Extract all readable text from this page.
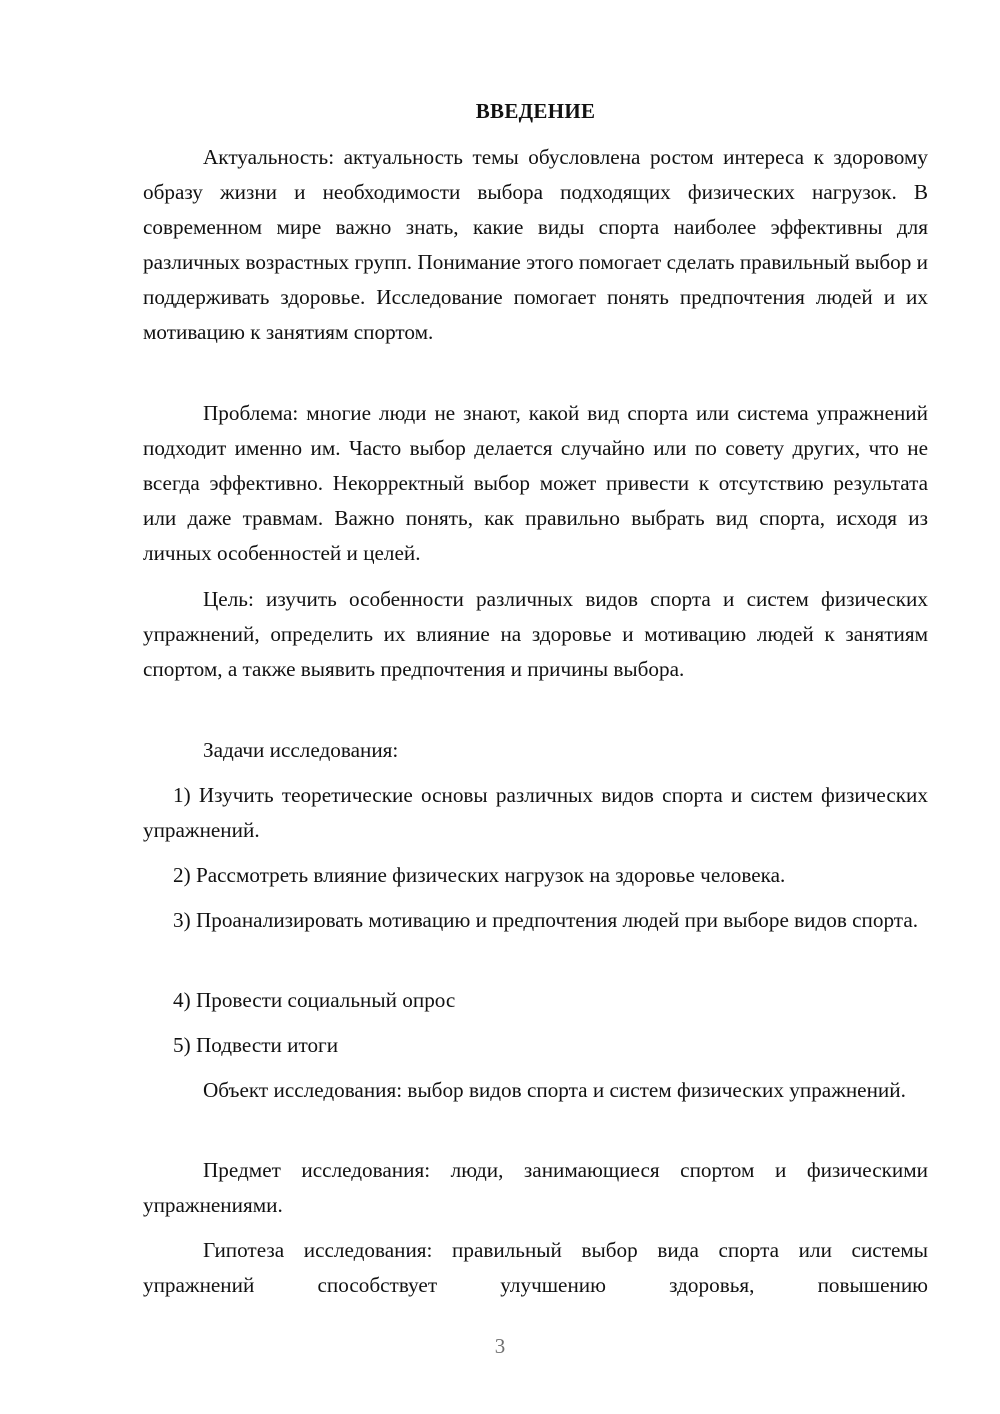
ВВЕДЕНИЕ

Актуальность: актуальность темы обусловлена ростом интереса к здоровому образу жизни и необходимости выбора подходящих физических нагрузок. В современном мире важно знать, какие виды спорта наиболее эффективны для различных возрастных групп. Понимание этого помогает сделать правильный выбор и поддерживать здоровье. Исследование помогает понять предпочтения людей и их мотивацию к занятиям спортом.

Проблема: многие люди не знают, какой вид спорта или система упражнений подходит именно им. Часто выбор делается случайно или по совету других, что не всегда эффективно. Некорректный выбор может привести к отсутствию результата или даже травмам. Важно понять, как правильно выбрать вид спорта, исходя из личных особенностей и целей.

Цель: изучить особенности различных видов спорта и систем физических упражнений, определить их влияние на здоровье и мотивацию людей к занятиям спортом, а также выявить предпочтения и причины выбора.

Задачи исследования:

1) Изучить теоретические основы различных видов спорта и систем физических упражнений.

2) Рассмотреть влияние физических нагрузок на здоровье человека.

3) Проанализировать мотивацию и предпочтения людей при выборе видов спорта.

4) Провести социальный опрос

5) Подвести итоги

Объект исследования: выбор видов спорта и систем физических упражнений.

Предмет исследования: люди, занимающиеся спортом и физическими упражнениями.

Гипотеза исследования: правильный выбор вида спорта или системы упражнений способствует улучшению здоровья, повышению

3
